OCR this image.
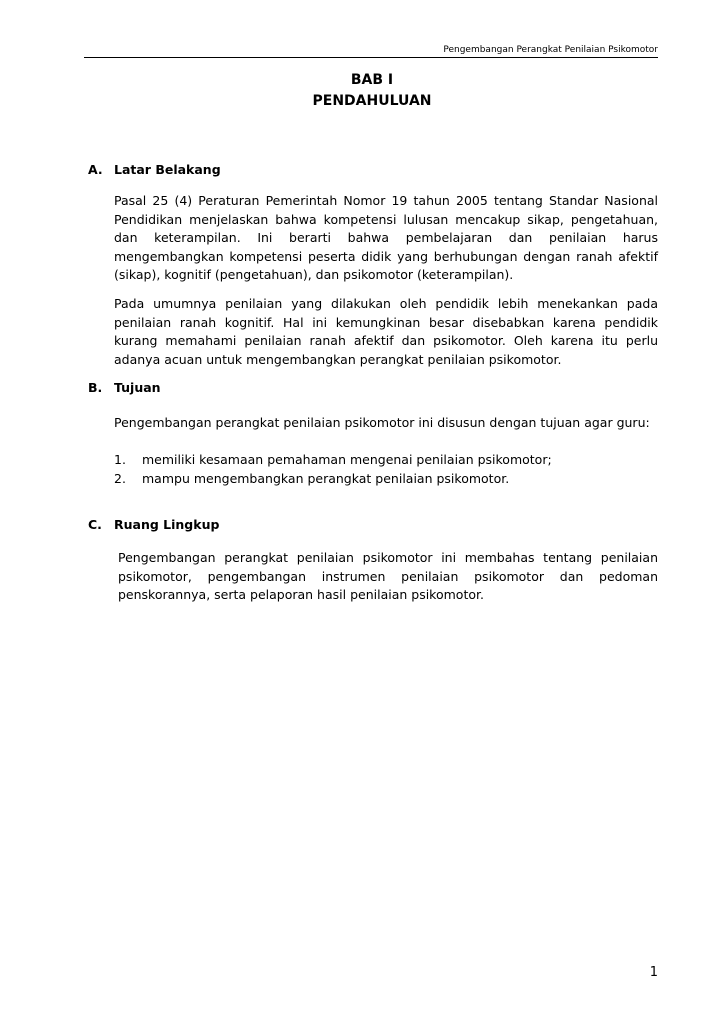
Pengembangan Perangkat Penilaian Psikomotor
BAB I
PENDAHULUAN
A. Latar Belakang

Pasal 25 (4) Peraturan Pemerintah Nomor 19 tahun 2005 tentang Standar Nasional Pendidikan menjelaskan bahwa kompetensi lulusan mencakup sikap, pengetahuan, dan keterampilan. Ini berarti bahwa pembelajaran dan penilaian harus mengembangkan kompetensi peserta didik yang berhubungan dengan ranah afektif (sikap), kognitif (pengetahuan), dan psikomotor (keterampilan).

Pada umumnya penilaian yang dilakukan oleh pendidik lebih menekankan pada penilaian ranah kognitif. Hal ini kemungkinan besar disebabkan karena pendidik kurang memahami penilaian ranah afektif dan psikomotor. Oleh karena itu perlu adanya acuan untuk mengembangkan perangkat penilaian psikomotor.

B. Tujuan

Pengembangan perangkat penilaian psikomotor ini disusun dengan tujuan agar guru:

1.	memiliki kesamaan pemahaman mengenai penilaian psikomotor;
2.	mampu mengembangkan perangkat penilaian psikomotor.
C. Ruang Lingkup

Pengembangan perangkat penilaian psikomotor ini membahas tentang penilaian psikomotor, pengembangan instrumen penilaian psikomotor dan pedoman penskorannya, serta pelaporan hasil penilaian psikomotor.

1
